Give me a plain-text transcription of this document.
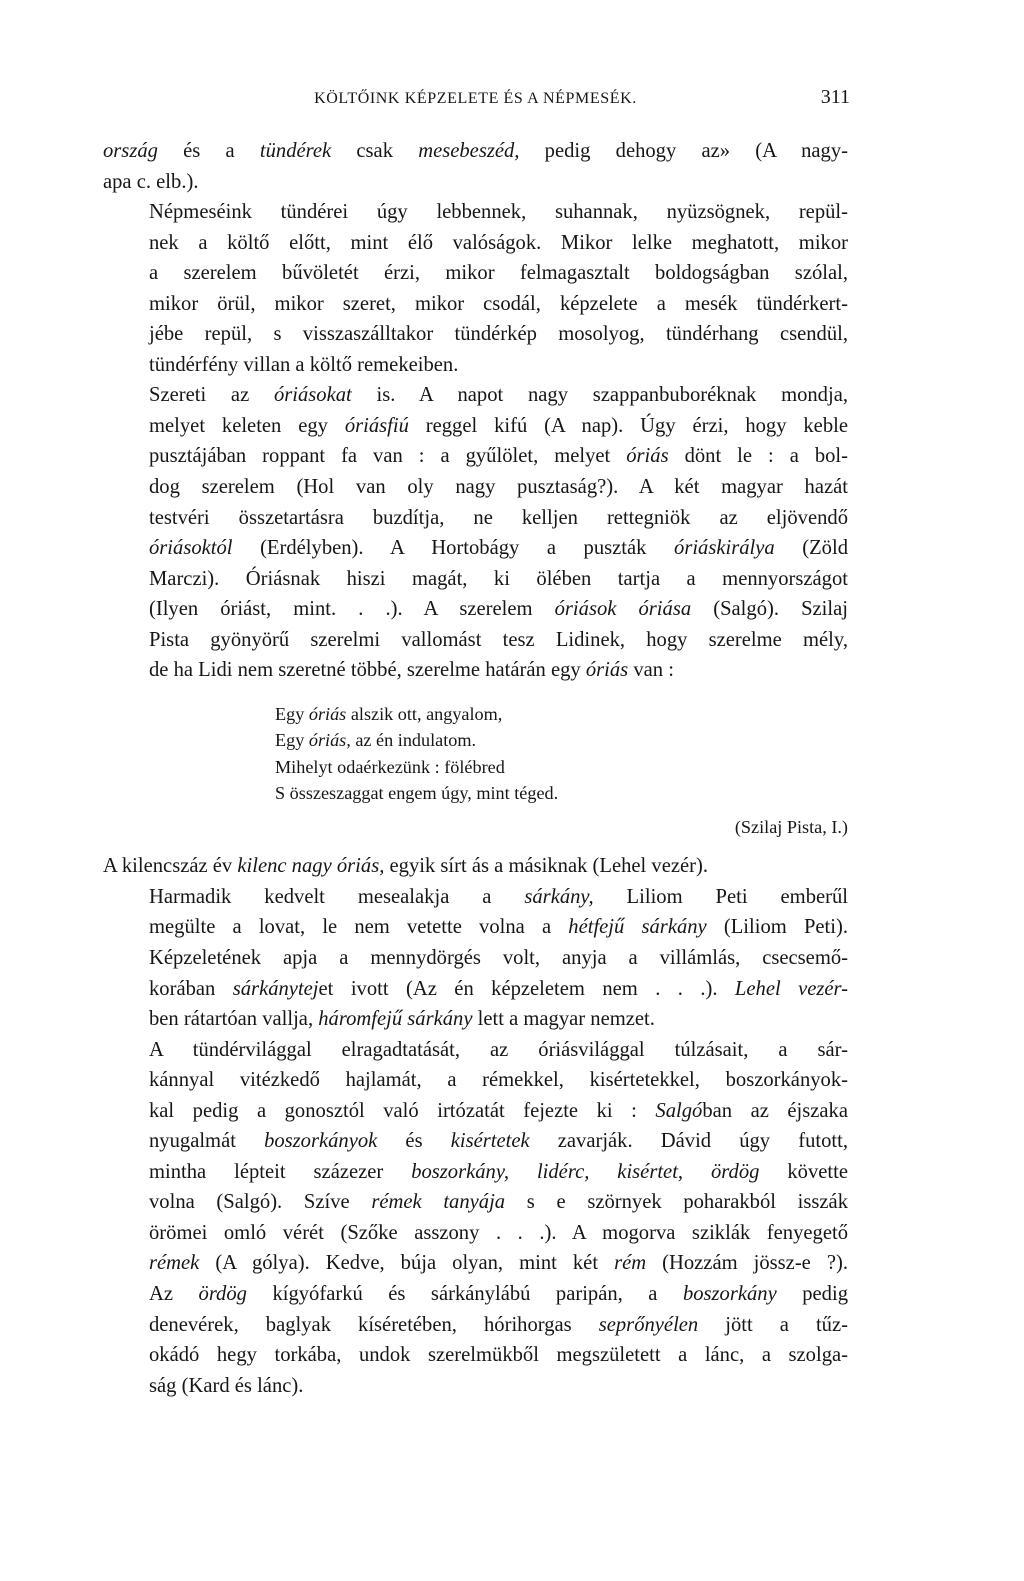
KÖLTŐINK KÉPZELETE ÉS A NÉPMESÉK.	311

ország és a tündérek csak mesebeszéd, pedig dehogy az» (A nagy-
apa c. elb.).

Népmeséink tündérei úgy lebbennek, suhannak, nyüzsögnek, repül-
nek a költő előtt, mint élő valóságok. Mikor lelke meghatott, mikor
a szerelem bűvöletét érzi, mikor felmagasztalt boldogságban szólal,
mikor örül, mikor szeret, mikor csodál, képzelete a mesék tündérkert-
jébe repül, s visszaszálltakor tündérkép mosolyog, tündérhang csendül,
tündérfény villan a költő remekeiben.

Szereti az óriásokat is. A napot nagy szappanbuboréknak mondja,
melyet keleten egy óriásfiú reggel kifú (A nap). Úgy érzi, hogy keble
pusztájában roppant fa van : a gyűlölet, melyet óriás dönt le : a bol-
dog szerelem (Hol van oly nagy pusztaság?). A két magyar hazát
testvéri összetartásra buzdítja, ne kelljen rettegniök az eljövendő
óriásoktól (Erdélyben). A Hortobágy a puszták óriáskirálya (Zöld
Marczi). Óriásnak hiszi magát, ki ölében tartja a mennyországot
(Ilyen óriást, mint. . .). A szerelem óriások óriása (Salgó). Szilaj
Pista gyönyörű szerelmi vallomást tesz Lidinek, hogy szerelme mély,
de ha Lidi nem szeretné többé, szerelme határán egy óriás van :

Egy óriás alszik ott, angyalom,
Egy óriás, az én indulatom.
Mihelyt odaérkezünk : fölébred
S összeszaggat engem úgy, mint téged.
(Szilaj Pista, I.)

A kilencszáz év kilenc nagy óriás, egyik sírt ás a másiknak (Lehel vezér).

Harmadik kedvelt mesealakja a sárkány, Liliom Peti emberűl
megülte a lovat, le nem vetette volna a hétfejű sárkány (Liliom Peti).
Képzeletének apja a mennydörgés volt, anyja a villámlás, csecsemő-
korában sárkánytejet ivott (Az én képzeletem nem . . .). Lehel vezér-
ben rátartóan vallja, háromfejű sárkány lett a magyar nemzet.

A tündérvilággal elragadtatását, az óriásvilággal túlzásait, a sár-
kánnyal vitézkedő hajlamát, a rémekkel, kisértetekkel, boszorkányok-
kal pedig a gonosztól való irtózatát fejezte ki : Salgóban az éjszaka
nyugalmát boszorkányok és kisértetek zavarják. Dávid úgy futott,
mintha lépteit százezer boszorkány, lidérc, kisértet, ördög követte
volna (Salgó). Szíve rémek tanyája s e szörnyek poharakból isszák
örömei omló vérét (Szőke asszony . . .). A mogorva sziklák fenyegető
rémek (A gólya). Kedve, búja olyan, mint két rém (Hozzám jössz-e ?).
Az ördög kígyófarkú és sárkánylábú paripán, a boszorkány pedig
denevérek, baglyak kíséretében, hórihorgas seprőnyélen jött a tűz-
okádó hegy torkába, undok szerelmükből megszületett a lánc, a szolga-
ság (Kard és lánc).
